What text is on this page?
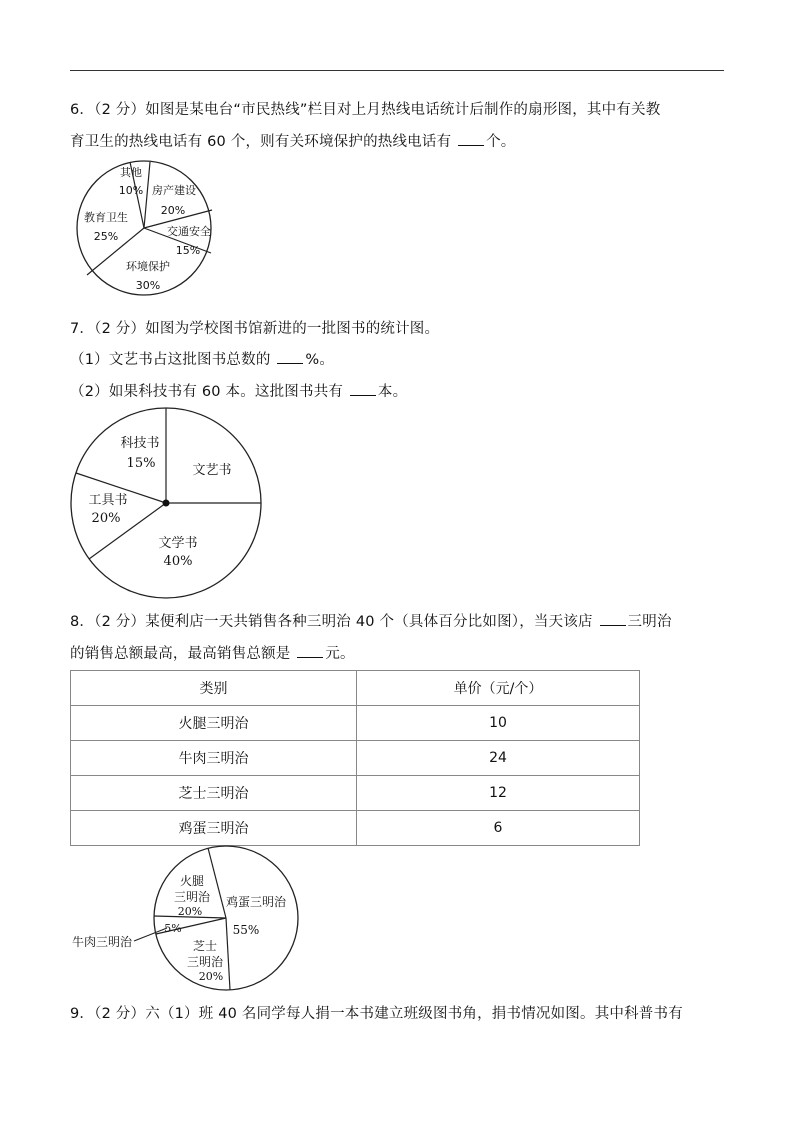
6．（2 分）如图是某电台“市民热线”栏目对上月热线电话统计后制作的扇形图，其中有关教
育卫生的热线电话有 60 个，则有关环境保护的热线电话有 个。
其他
10% 房产建设
20%
交通安全
15%
环境保护
30%
教育卫生
25%
7．（2 分）如图为学校图书馆新进的一批图书的统计图。
（1）文艺书占这批图书总数的 %。
（2）如果科技书有 60 本。这批图书共有 本。
科技书
15%	文艺书
文学书
40%
工具书
20%
8．（2 分）某便利店一天共销售各种三明治 40 个（具体百分比如图），当天该店 三明治
的销售总额最高，最高销售总额是 元。
类别	单价（元/个）
火腿三明治	10
牛肉三明治	24
芝士三明治	12
鸡蛋三明治	6
火腿
三明治
20%
鸡蛋三明治
55%
芝士
三明治
20%
5%
牛肉三明治
9．（2 分）六（1）班 40 名同学每人捐一本书建立班级图书角，捐书情况如图。其中科普书有
